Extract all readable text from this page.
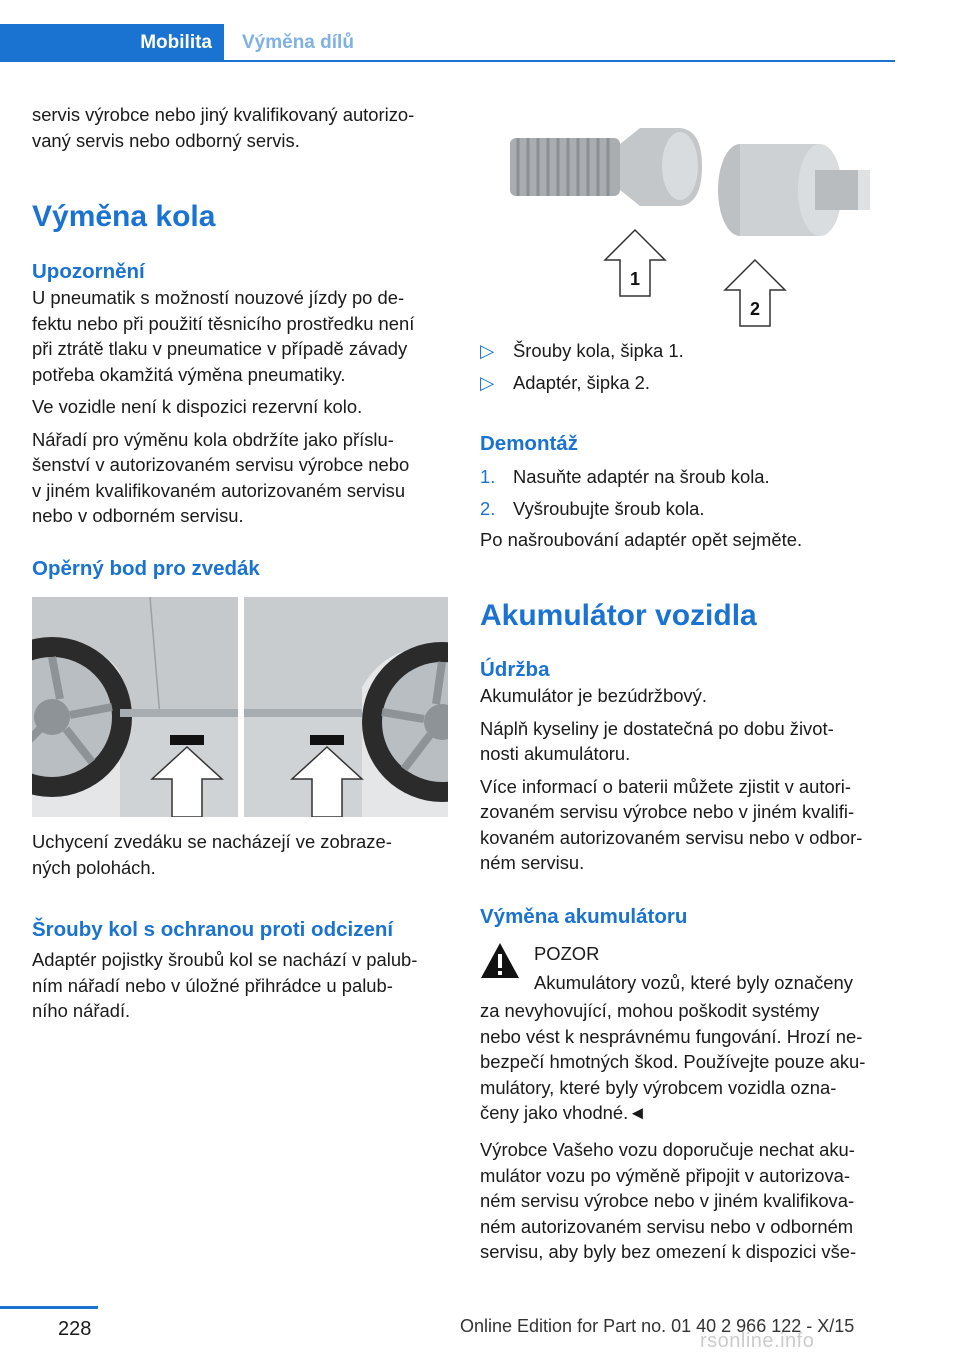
Mobilita	Výměna dílů

servis výrobce nebo jiný kvalifikovaný autorizo‐

vaný servis nebo odborný servis.

Výměna kola
Upozornění

U pneumatik s možností nouzové jízdy po de‐

fektu nebo při použití těsnicího prostředku není

při ztrátě tlaku v pneumatice v případě závady

potřeba okamžitá výměna pneumatiky.

Ve vozidle není k dispozici rezervní kolo.

Nářadí pro výměnu kola obdržíte jako příslu‐

šenství v autorizovaném servisu výrobce nebo

v jiném kvalifikovaném autorizovaném servisu

nebo v odborném servisu.

Opěrný bod pro zvedák

Uchycení zvedáku se nacházejí ve zobraze‐

ných polohách.

Šrouby kol s ochranou proti odcizení

Adaptér pojistky šroubů kol se nachází v palub‐

ním nářadí nebo v úložné přihrádce u palub‐

ního nářadí.

1
2
▷ Šrouby kola, šipka 1.
▷ Adaptér, šipka 2.
Demontáž
1. Nasuňte adaptér na šroub kola.
2. Vyšroubujte šroub kola.

Po našroubování adaptér opět sejměte.

Akumulátor vozidla
Údržba

Akumulátor je bezúdržbový.

Náplň kyseliny je dostatečná po dobu život‐

nosti akumulátoru.

Více informací o baterii můžete zjistit v autori‐

zovaném servisu výrobce nebo v jiném kvalifi‐

kovaném autorizovaném servisu nebo v odbor‐

ném servisu.

Výměna akumulátoru

POZOR

Akumulátory vozů, které byly označeny

za nevyhovující, mohou poškodit systémy

nebo vést k nesprávnému fungování. Hrozí ne‐

bezpečí hmotných škod. Používejte pouze aku‐

mulátory, které byly výrobcem vozidla ozna‐

čeny jako vhodné.◄

Výrobce Vašeho vozu doporučuje nechat aku‐

mulátor vozu po výměně připojit v autorizova‐

ném servisu výrobce nebo v jiném kvalifikova‐

ném autorizovaném servisu nebo v odborném

servisu, aby byly bez omezení k dispozici vše‐

228	Online Edition for Part no. 01 40 2 966 122 - X/15
rsonline.info
